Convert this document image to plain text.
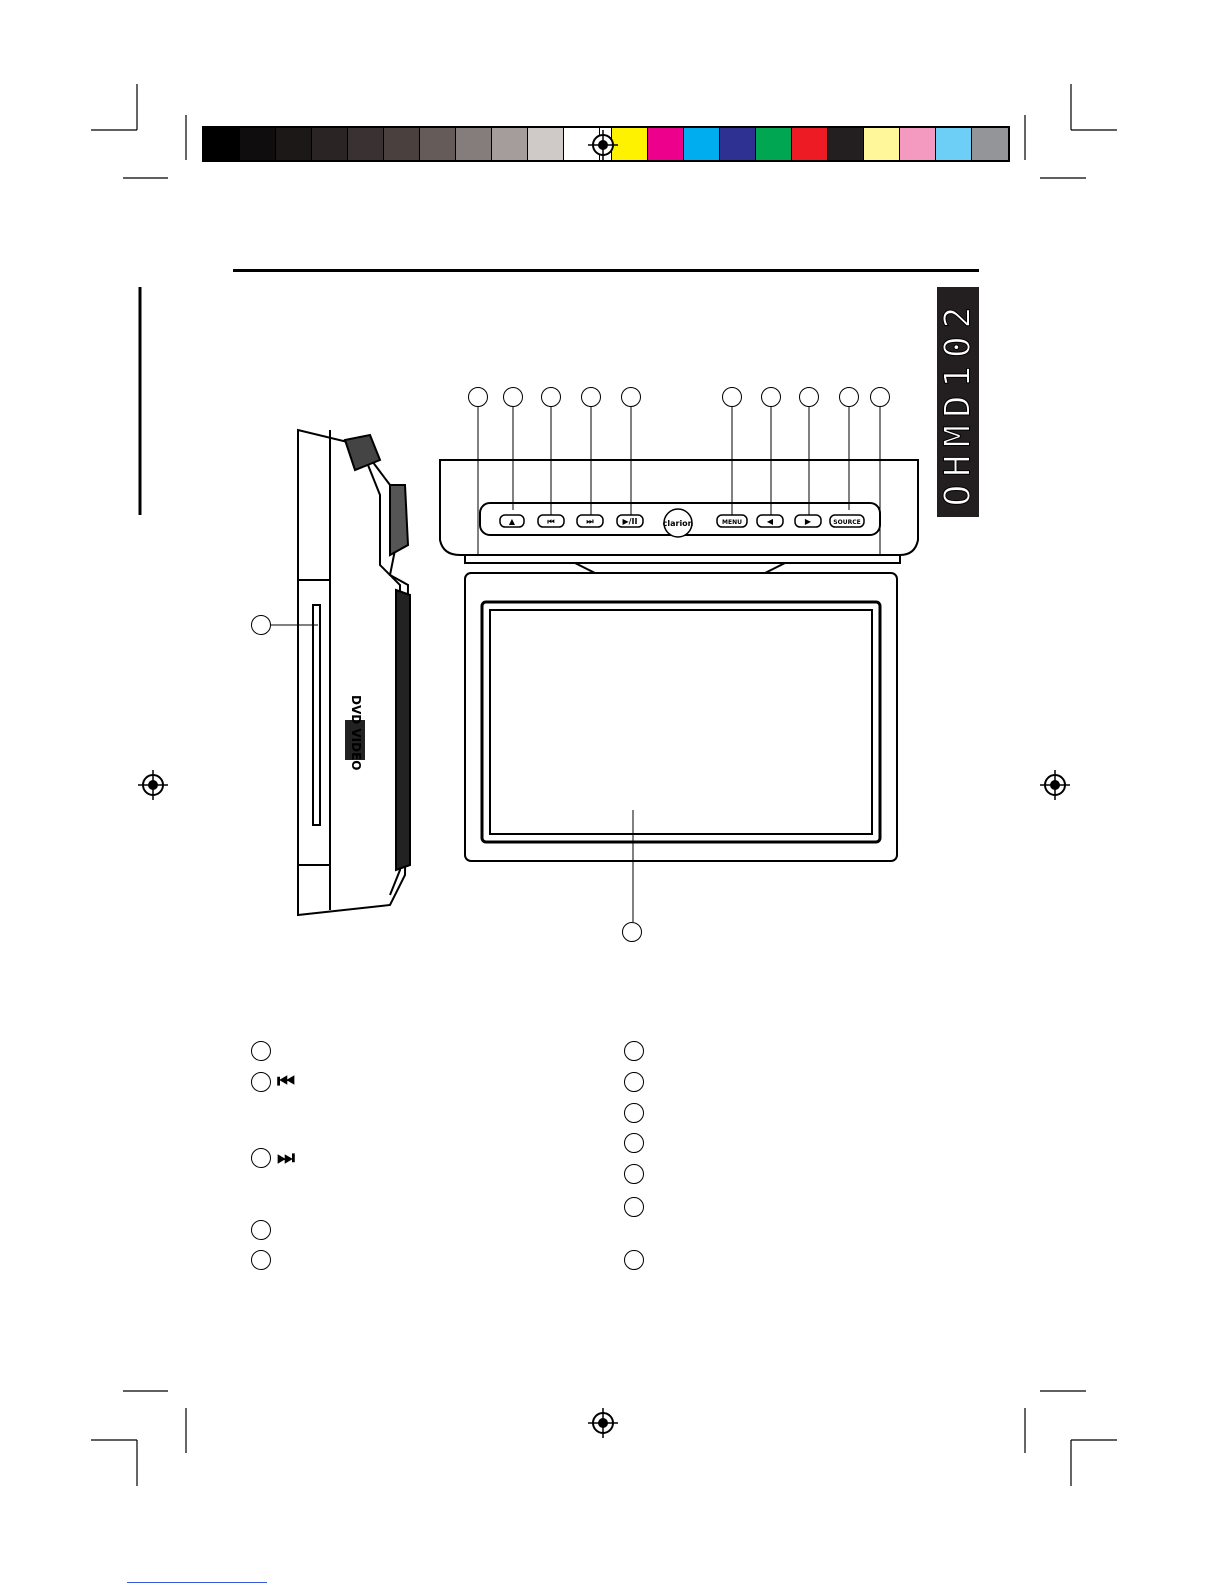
OHMD102
DVD VIDEO
▲	⏮	⏭	▶/II	clarion	MENU	◀	▶	SOURCE
⏮
⏭
